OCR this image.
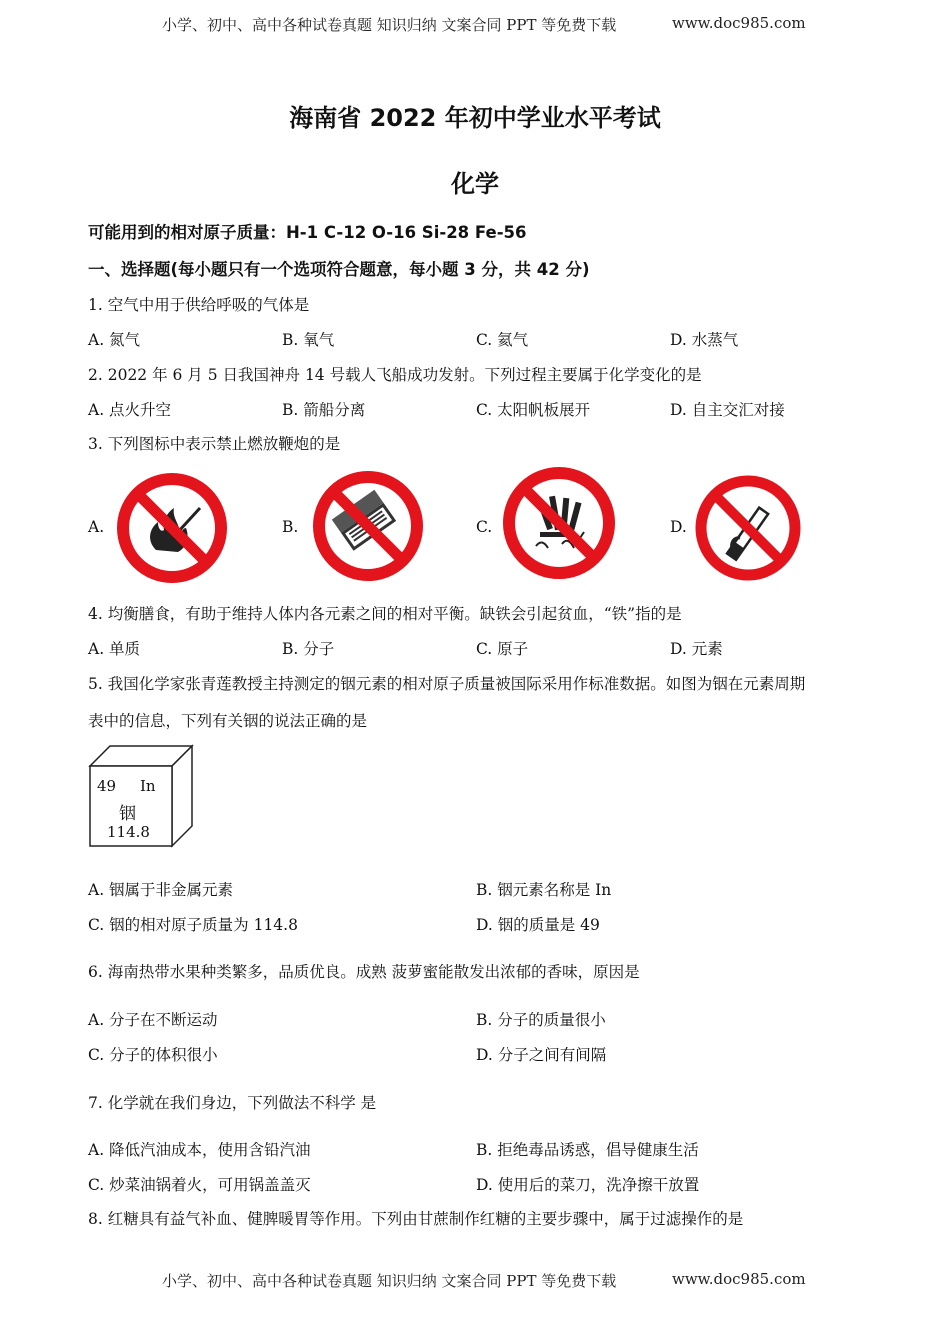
小学、初中、高中各种试卷真题 知识归纳 文案合同 PPT 等免费下载	www.doc985.com
小学、初中、高中各种试卷真题 知识归纳 文案合同 PPT 等免费下载	www.doc985.com
海南省 2022 年初中学业水平考试
化学
可能用到的相对原子质量：H-1 C-12 O-16 Si-28 Fe-56
一、选择题(每小题只有一个选项符合题意，每小题 3 分，共 42 分)
1. 空气中用于供给呼吸的气体是
A. 氮气	B. 氧气	C. 氦气	D. 水蒸气
2. 2022 年 6 月 5 日我国神舟 14 号载人飞船成功发射。下列过程主要属于化学变化的是
A. 点火升空	B. 箭船分离	C. 太阳帆板展开	D. 自主交汇对接
3. 下列图标中表示禁止燃放鞭炮的是
A.	B.	C.	D.
4. 均衡膳食，有助于维持人体内各元素之间的相对平衡。缺铁会引起贫血，“铁”指的是
A. 单质	B. 分子	C. 原子	D. 元素
5. 我国化学家张青莲教授主持测定的铟元素的相对原子质量被国际采用作标准数据。如图为铟在元素周期
表中的信息，下列有关铟的说法正确的是
49 In
铟
114.8
A. 铟属于非金属元素	B. 铟元素名称是 In
C. 铟的相对原子质量为 114.8	D. 铟的质量是 49
6. 海南热带水果种类繁多，品质优良。成熟 菠萝蜜能散发出浓郁的香味，原因是
A. 分子在不断运动	B. 分子的质量很小
C. 分子的体积很小	D. 分子之间有间隔
7. 化学就在我们身边，下列做法不科学 是
A. 降低汽油成本，使用含铅汽油	B. 拒绝毒品诱惑，倡导健康生活
C. 炒菜油锅着火，可用锅盖盖灭	D. 使用后的菜刀，洗净擦干放置
8. 红糖具有益气补血、健脾暖胃等作用。下列由甘蔗制作红糖的主要步骤中，属于过滤操作的是
